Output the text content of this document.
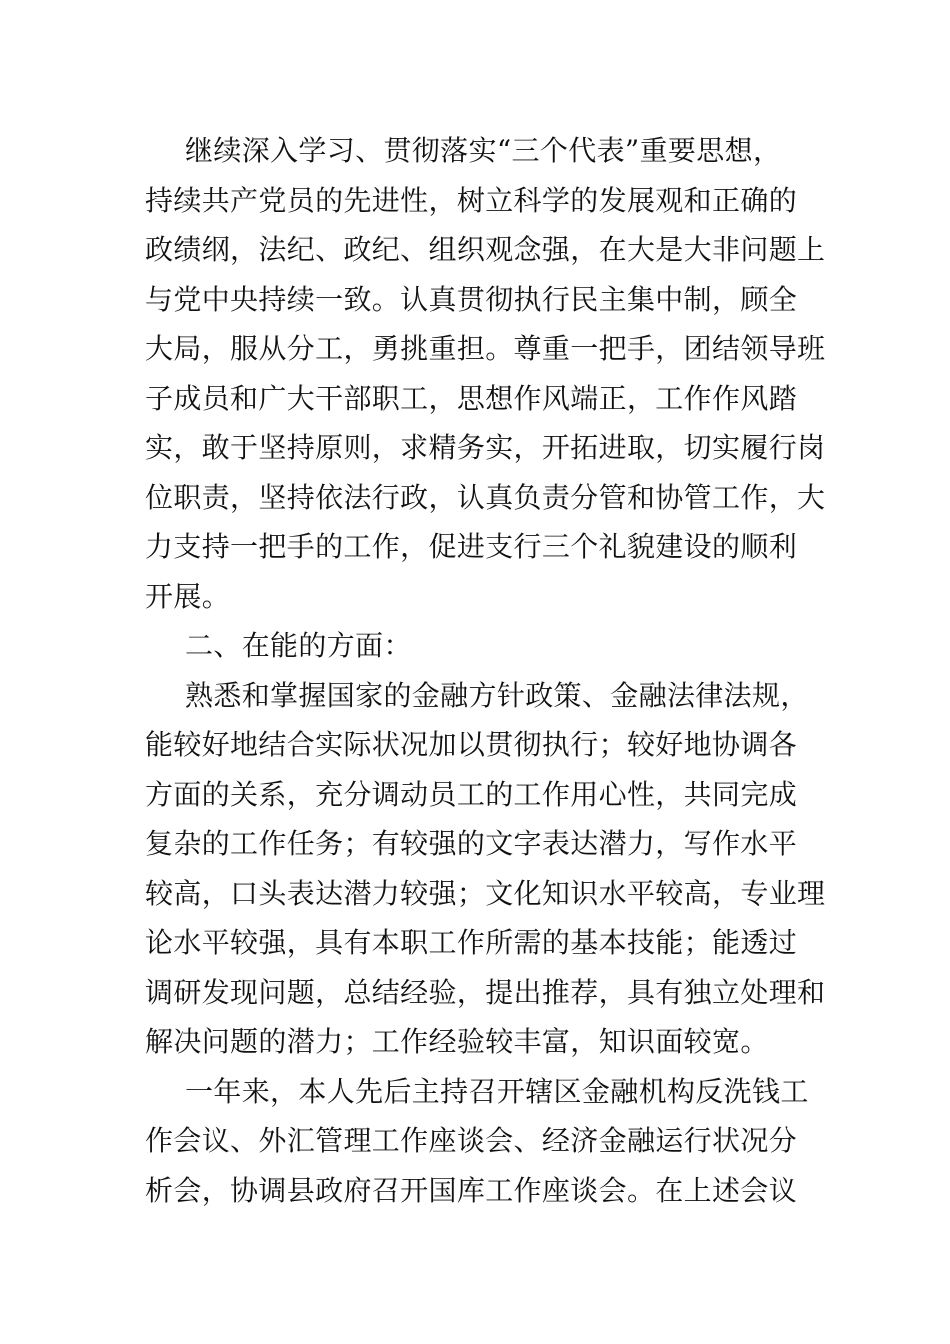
继续深入学习、贯彻落实“三个代表”重要思想，
持续共产党员的先进性，树立科学的发展观和正确的
政绩纲，法纪、政纪、组织观念强，在大是大非问题上
与党中央持续一致。认真贯彻执行民主集中制，顾全
大局，服从分工，勇挑重担。尊重一把手，团结领导班
子成员和广大干部职工，思想作风端正，工作作风踏
实，敢于坚持原则，求精务实，开拓进取，切实履行岗
位职责，坚持依法行政，认真负责分管和协管工作，大
力支持一把手的工作，促进支行三个礼貌建设的顺利
开展。
二、在能的方面：
熟悉和掌握国家的金融方针政策、金融法律法规，
能较好地结合实际状况加以贯彻执行；较好地协调各
方面的关系，充分调动员工的工作用心性，共同完成
复杂的工作任务；有较强的文字表达潜力，写作水平
较高，口头表达潜力较强；文化知识水平较高，专业理
论水平较强，具有本职工作所需的基本技能；能透过
调研发现问题，总结经验，提出推荐，具有独立处理和
解决问题的潜力；工作经验较丰富，知识面较宽。
一年来，本人先后主持召开辖区金融机构反洗钱工
作会议、外汇管理工作座谈会、经济金融运行状况分
析会，协调县政府召开国库工作座谈会。在上述会议
